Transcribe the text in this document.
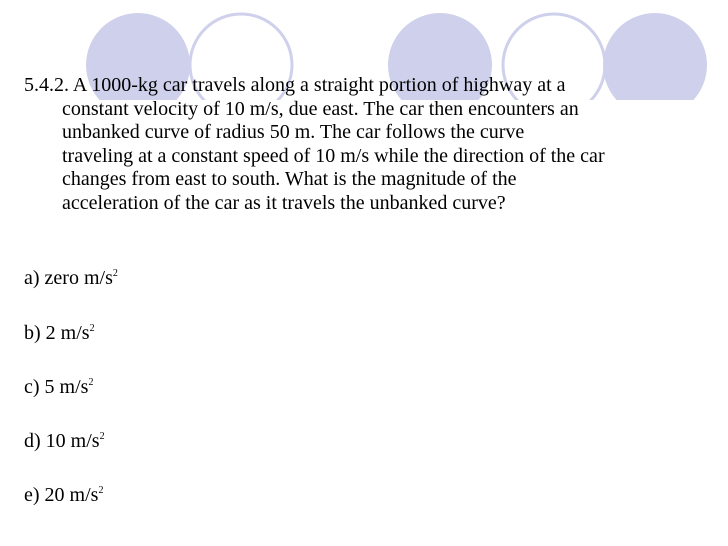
5.4.2. A 1000-kg car travels along a straight portion of highway at a
constant velocity of 10 m/s, due east. The car then encounters an
unbanked curve of radius 50 m. The car follows the curve
traveling at a constant speed of 10 m/s while the direction of the car
changes from east to south. What is the magnitude of the
acceleration of the car as it travels the unbanked curve?
a) zero $m/s^2$
b) 2 $m/s^2$
c) 5 $m/s^2$
d) 10 $m/s^2$
e) 20 $m/s^2$
